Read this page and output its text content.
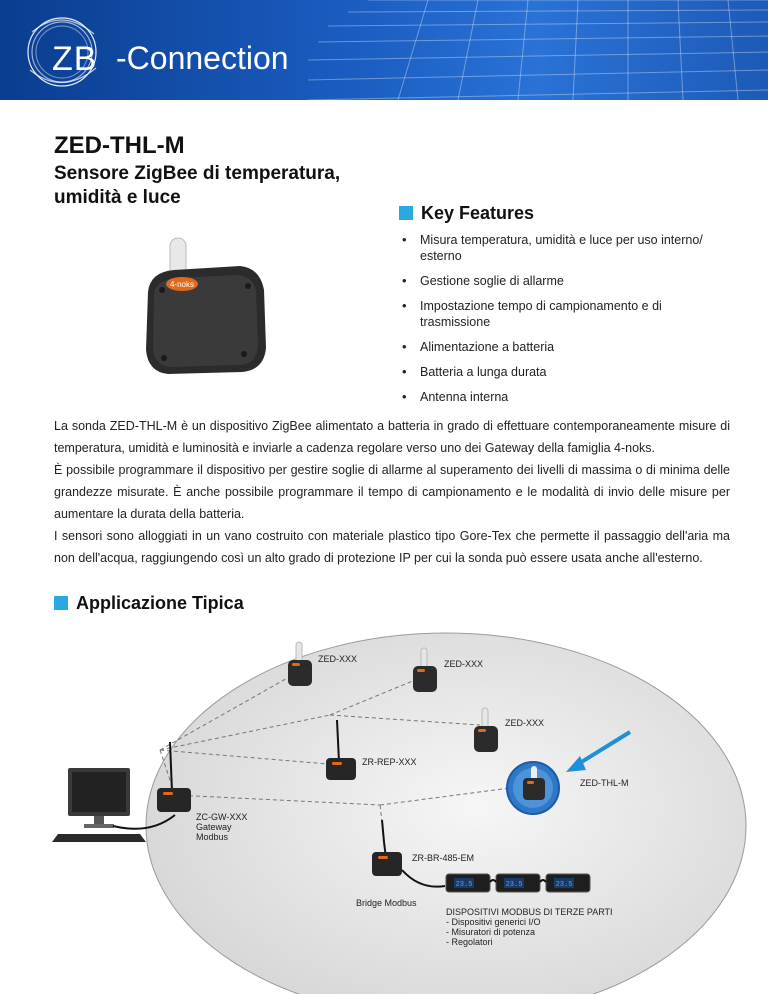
ZB -Connection
ZED-THL-M
Sensore ZigBee di temperatura, umidità e luce
4-noks
Key Features
• Misura temperatura, umidità e luce per uso interno/ esterno
• Gestione soglie di allarme
• Impostazione tempo di campionamento e di trasmissione
• Alimentazione a batteria
• Batteria a lunga durata
• Antenna interna

La sonda ZED-THL-M è un dispositivo ZigBee alimentato a batteria in grado di effettuare contemporaneamente misure di temperatura, umidità e luminosità e inviarle a cadenza regolare verso uno dei Gateway della famiglia 4-noks.

È possibile programmare il dispositivo per gestire soglie di allarme al superamento dei livelli di massima o di minima delle grandezze misurate. È anche possibile programmare il tempo di campionamento e le modalità di invio delle misure per aumentare la durata della batteria.

I sensori sono alloggiati in un vano costruito con materiale plastico tipo Gore-Tex che permette il passaggio dell'aria ma non dell'acqua, raggiungendo così un alto grado di protezione IP per cui la sonda può essere usata anche all'esterno.

Applicazione Tipica
23.5	23.5	23.5
ZED-XXX	ZED-XXX
ZED-XXX
ZR-REP-XXX
ZED-THL-M
ZC-GW-XXX
Gateway
Modbus
ZR-BR-485-EM
Bridge Modbus
DISPOSITIVI MODBUS DI TERZE PARTI
- Dispositivi generici I/O
- Misuratori di potenza
- Regolatori
